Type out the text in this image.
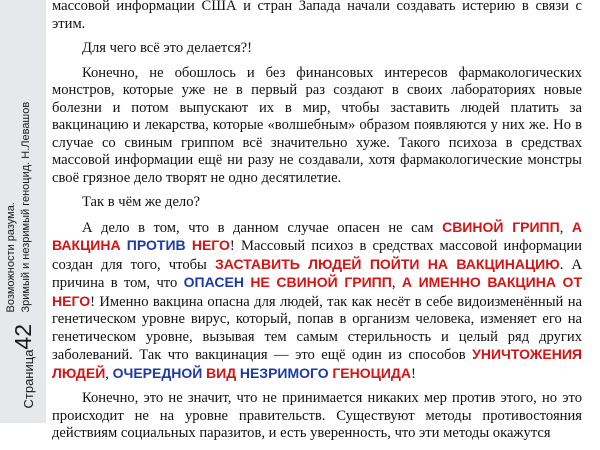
Страница
42
Возможности разума. Зримый и незримый геноцид. Н.Левашов

массовой информации США и стран Запада начали создавать истерию в связи с этим.

Для чего всё это делается?!

Конечно, не обошлось и без финансовых интересов фармакологических монстров, которые уже не в первый раз создают в своих лабораториях новые болезни и потом выпускают их в мир, чтобы заставить людей платить за вакцинацию и лекарства, которые «волшебным» образом появляются у них же. Но в случае со свиным гриппом всё значительно хуже. Такого психоза в средствах массовой информации ещё ни разу не создавали, хотя фармакологические монстры своё грязное дело творят не одно десятилетие.

Так в чём же дело?

А дело в том, что в данном случае опасен не сам СВИНОЙ ГРИПП, А ВАКЦИНА ПРОТИВ НЕГО! Массовый психоз в средствах массовой информации создан для того, чтобы ЗАСТАВИТЬ ЛЮДЕЙ ПОЙТИ НА ВАКЦИНАЦИЮ. А причина в том, что ОПАСЕН НЕ СВИНОЙ ГРИПП, А ИМЕННО ВАКЦИНА ОТ НЕГО! Именно вакцина опасна для людей, так как несёт в себе видоизменённый на генетическом уровне вирус, который, попав в организм человека, изменяет его на генетическом уровне, вызывая тем самым стерильность и целый ряд других заболеваний. Так что вакцинация — это ещё один из способов УНИЧТОЖЕНИЯ ЛЮДЕЙ, ОЧЕРЕДНОЙ ВИД НЕЗРИМОГО ГЕНОЦИДА!

Конечно, это не значит, что не принимается никаких мер против этого, но это происходит не на уровне правительств. Существуют методы противостояния действиям социальных паразитов, и есть уверенность, что эти методы окажутся
